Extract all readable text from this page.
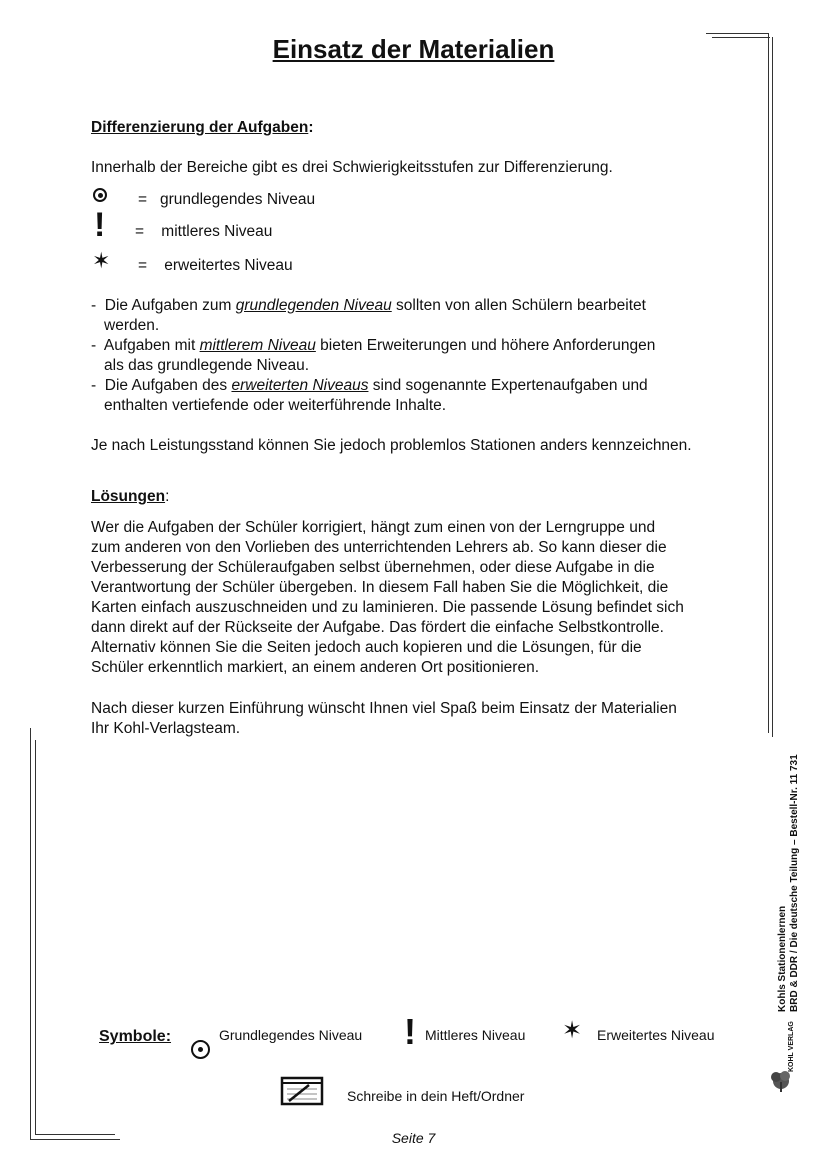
Einsatz der Materialien
Differenzierung der Aufgaben:
Innerhalb der Bereiche gibt es drei Schwierigkeitsstufen zur Differenzierung.
=   grundlegendes Niveau
! =    mittleres Niveau
✶ =    erweitertes Niveau
-  Die Aufgaben zum grundlegenden Niveau sollten von allen Schülern bearbeitet
werden.
-  Aufgaben mit mittlerem Niveau bieten Erweiterungen und höhere Anforderungen
als das grundlegende Niveau.
-  Die Aufgaben des erweiterten Niveaus sind sogenannte Expertenaufgaben und
enthalten vertiefende oder weiterführende Inhalte.
Je nach Leistungsstand können Sie jedoch problemlos Stationen anders kennzeichnen.
Lösungen:
Wer die Aufgaben der Schüler korrigiert, hängt zum einen von der Lerngruppe und
zum anderen von den Vorlieben des unterrichtenden Lehrers ab. So kann dieser die
Verbesserung der Schüleraufgaben selbst übernehmen, oder diese Aufgabe in die
Verantwortung der Schüler übergeben. In diesem Fall haben Sie die Möglichkeit, die
Karten einfach auszuschneiden und zu laminieren. Die passende Lösung befindet sich
dann direkt auf der Rückseite der Aufgabe. Das fördert die einfache Selbstkontrolle.
Alternativ können Sie die Seiten jedoch auch kopieren und die Lösungen, für die
Schüler erkenntlich markiert, an einem anderen Ort positionieren.
Nach dieser kurzen Einführung wünscht Ihnen viel Spaß beim Einsatz der Materialien
Ihr Kohl-Verlagsteam.
Symbole:	Grundlegendes Niveau ! Mittleres Niveau ✶ Erweitertes Niveau
Schreibe in dein Heft/Ordner
Kohls Stationenlernen BRD & DDR / Die deutsche Teilung – Bestell-Nr. 11 731
KOHL VERLAG
Seite 7
